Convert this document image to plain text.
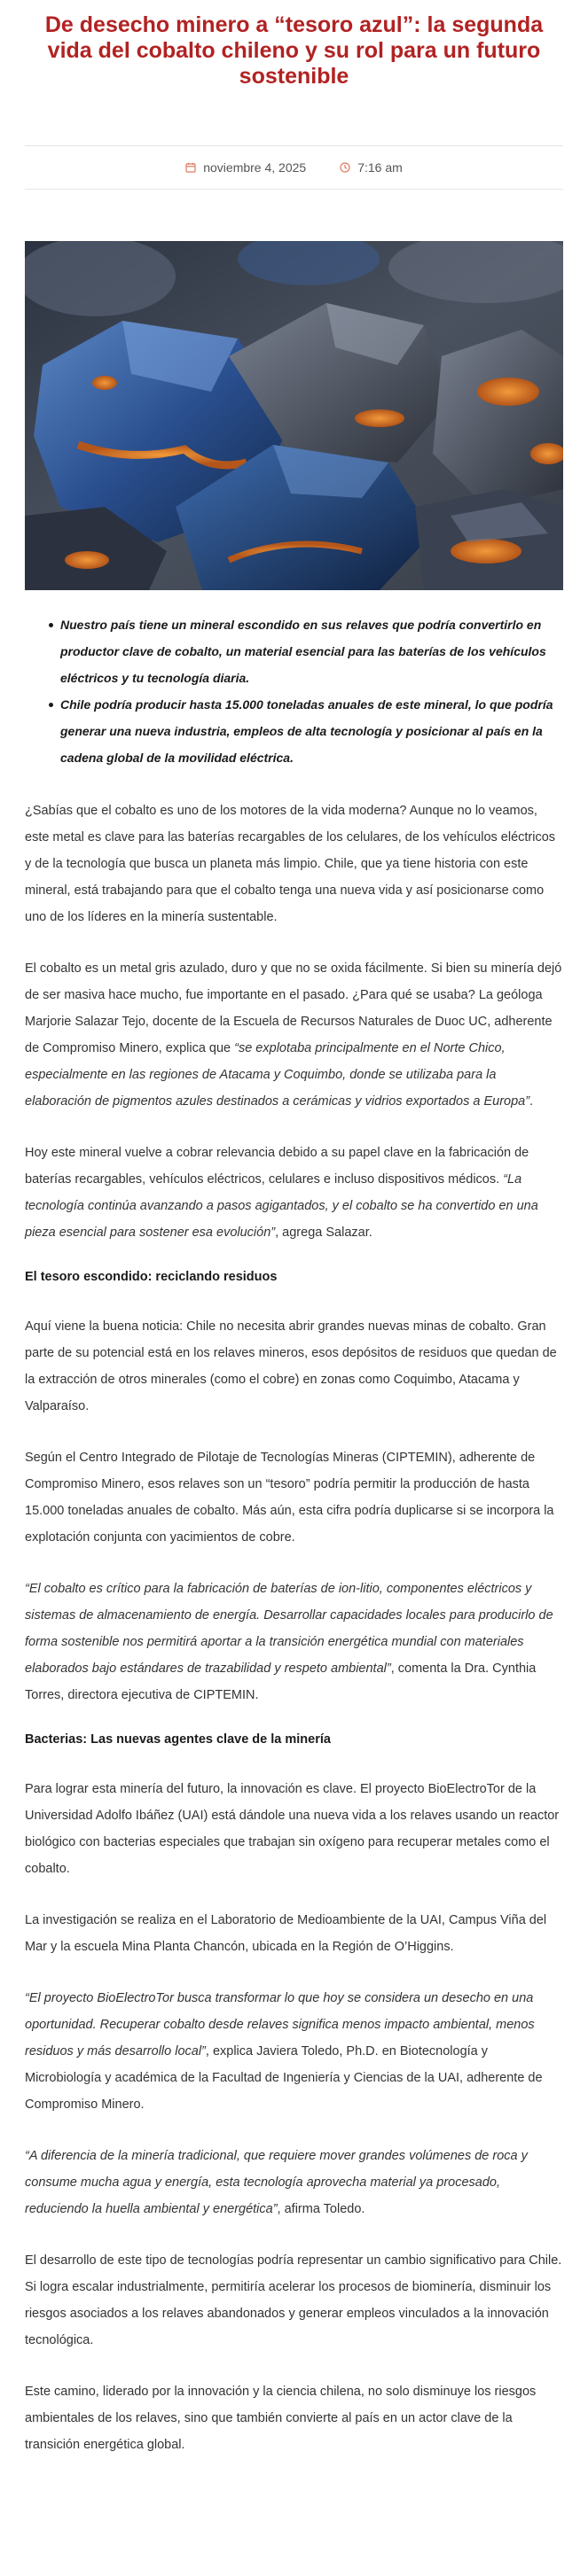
De desecho minero a “tesoro azul”: la segunda vida del cobalto chileno y su rol para un futuro sostenible
noviembre 4, 2025	7:16 am
Nuestro país tiene un mineral escondido en sus relaves que podría convertirlo en productor clave de cobalto, un material esencial para las baterías de los vehículos eléctricos y tu tecnología diaria.
Chile podría producir hasta 15.000 toneladas anuales de este mineral, lo que podría generar una nueva industria, empleos de alta tecnología y posicionar al país en la cadena global de la movilidad eléctrica.

¿Sabías que el cobalto es uno de los motores de la vida moderna? Aunque no lo veamos, este metal es clave para las baterías recargables de los celulares, de los vehículos eléctricos y de la tecnología que busca un planeta más limpio. Chile, que ya tiene historia con este mineral, está trabajando para que el cobalto tenga una nueva vida y así posicionarse como uno de los líderes en la minería sustentable.

El cobalto es un metal gris azulado, duro y que no se oxida fácilmente. Si bien su minería dejó de ser masiva hace mucho, fue importante en el pasado. ¿Para qué se usaba? La geóloga Marjorie Salazar Tejo, docente de la Escuela de Recursos Naturales de Duoc UC, adherente de Compromiso Minero, explica que “se explotaba principalmente en el Norte Chico, especialmente en las regiones de Atacama y Coquimbo, donde se utilizaba para la elaboración de pigmentos azules destinados a cerámicas y vidrios exportados a Europa”.

Hoy este mineral vuelve a cobrar relevancia debido a su papel clave en la fabricación de baterías recargables, vehículos eléctricos, celulares e incluso dispositivos médicos. “La tecnología continúa avanzando a pasos agigantados, y el cobalto se ha convertido en una pieza esencial para sostener esa evolución”, agrega Salazar.

El tesoro escondido: reciclando residuos

Aquí viene la buena noticia: Chile no necesita abrir grandes nuevas minas de cobalto. Gran parte de su potencial está en los relaves mineros, esos depósitos de residuos que quedan de la extracción de otros minerales (como el cobre) en zonas como Coquimbo, Atacama y Valparaíso.

Según el Centro Integrado de Pilotaje de Tecnologías Mineras (CIPTEMIN), adherente de Compromiso Minero, esos relaves son un “tesoro” podría permitir la producción de hasta 15.000 toneladas anuales de cobalto. Más aún, esta cifra podría duplicarse si se incorpora la explotación conjunta con yacimientos de cobre.

“El cobalto es crítico para la fabricación de baterías de ion-litio, componentes eléctricos y sistemas de almacenamiento de energía. Desarrollar capacidades locales para producirlo de forma sostenible nos permitirá aportar a la transición energética mundial con materiales elaborados bajo estándares de trazabilidad y respeto ambiental”, comenta la Dra. Cynthia Torres, directora ejecutiva de CIPTEMIN.

Bacterias: Las nuevas agentes clave de la minería

Para lograr esta minería del futuro, la innovación es clave. El proyecto BioElectroTor de la Universidad Adolfo Ibáñez (UAI) está dándole una nueva vida a los relaves usando un reactor biológico con bacterias especiales que trabajan sin oxígeno para recuperar metales como el cobalto.

La investigación se realiza en el Laboratorio de Medioambiente de la UAI, Campus Viña del Mar y la escuela Mina Planta Chancón, ubicada en la Región de O’Higgins.

“El proyecto BioElectroTor busca transformar lo que hoy se considera un desecho en una oportunidad. Recuperar cobalto desde relaves significa menos impacto ambiental, menos residuos y más desarrollo local”, explica Javiera Toledo, Ph.D. en Biotecnología y Microbiología y académica de la Facultad de Ingeniería y Ciencias de la UAI, adherente de Compromiso Minero.

“A diferencia de la minería tradicional, que requiere mover grandes volúmenes de roca y consume mucha agua y energía, esta tecnología aprovecha material ya procesado, reduciendo la huella ambiental y energética”, afirma Toledo.

El desarrollo de este tipo de tecnologías podría representar un cambio significativo para Chile. Si logra escalar industrialmente, permitiría acelerar los procesos de biominería, disminuir los riesgos asociados a los relaves abandonados y generar empleos vinculados a la innovación tecnológica.

Este camino, liderado por la innovación y la ciencia chilena, no solo disminuye los riesgos ambientales de los relaves, sino que también convierte al país en un actor clave de la transición energética global.
